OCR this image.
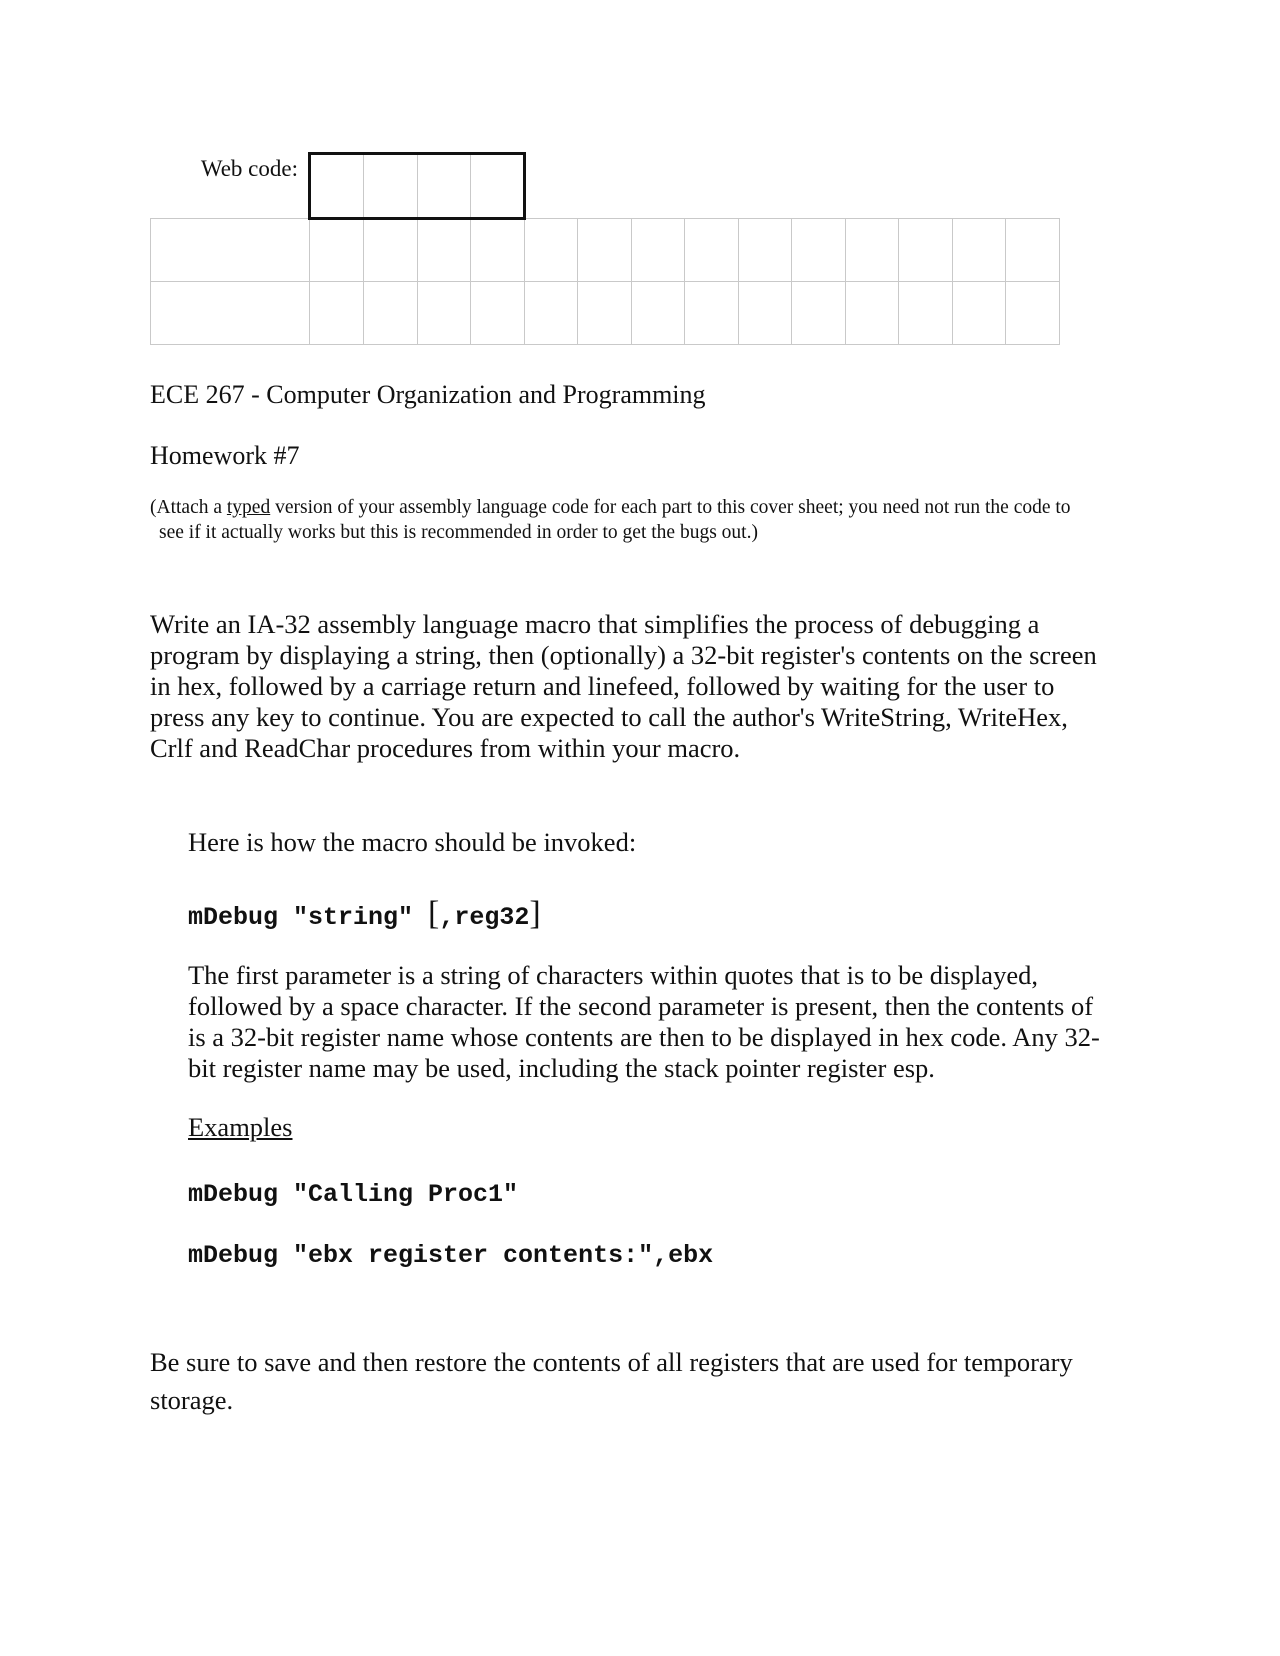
Web code:
ECE 267 - Computer Organization and Programming
Homework #7
(Attach a typed version of your assembly language code for each part to this cover sheet; you need not run the code to
see if it actually works but this is recommended in order to get the bugs out.)
Write an IA-32 assembly language macro that simplifies the process of debugging a
program by displaying a string, then (optionally) a 32-bit register's contents on the screen
in hex, followed by a carriage return and linefeed, followed by waiting for the user to
press any key to continue. You are expected to call the author's WriteString, WriteHex,
Crlf and ReadChar procedures from within your macro.
Here is how the macro should be invoked:
mDebug "string" [,reg32]
The first parameter is a string of characters within quotes that is to be displayed,
followed by a space character. If the second parameter is present, then the contents of
is a 32-bit register name whose contents are then to be displayed in hex code. Any 32-
bit register name may be used, including the stack pointer register esp.
Examples
mDebug "Calling Proc1"
mDebug "ebx register contents:",ebx
Be sure to save and then restore the contents of all registers that are used for temporary
storage.
